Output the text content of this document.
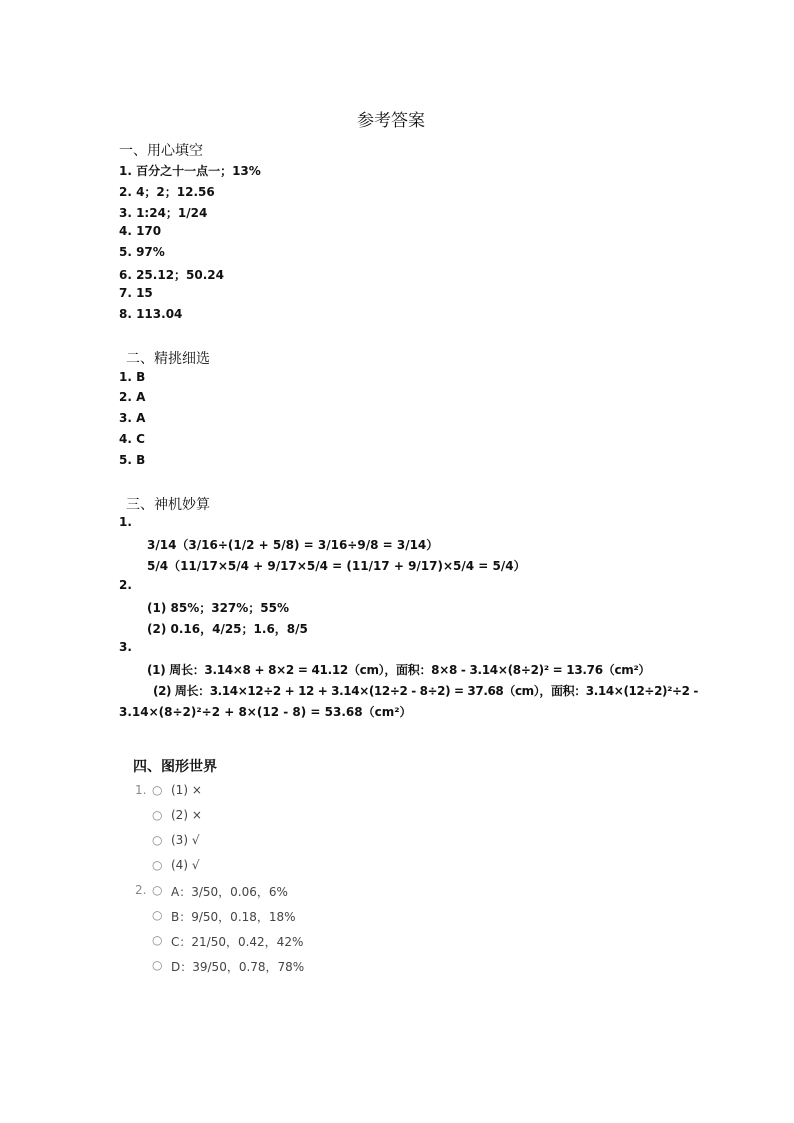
参考答案
一、用心填空
1. 百分之十一点一；13%
2. 4；2；12.56
3. 1:24；1/24
4. 170
5. 97%
6. 25.12；50.24
7. 15
8. 113.04
二、精挑细选
1. B
2. A
3. A
4. C
5. B
三、神机妙算
1.
3/14（3/16÷(1/2 + 5/8) = 3/16÷9/8 = 3/14）
5/4（11/17×5/4 + 9/17×5/4 = (11/17 + 9/17)×5/4 = 5/4）
2.
(1) 85%；327%；55%
(2) 0.16，4/25；1.6，8/5
3.
(1) 周长：3.14×8 + 8×2 = 41.12（cm），面积：8×8 - 3.14×(8÷2)² = 13.76（cm²）
(2) 周长：3.14×12÷2 + 12 + 3.14×(12÷2 - 8÷2) = 37.68（cm），面积：3.14×(12÷2)²÷2 -
3.14×(8÷2)²÷2 + 8×(12 - 8) = 53.68（cm²）
四、图形世界
1. ○ (1) ×
○ (2) ×
○ (3) √
○ (4) √
2. ○ A：3/50，0.06，6%
○ B：9/50，0.18，18%
○ C：21/50，0.42，42%
○ D：39/50，0.78，78%
